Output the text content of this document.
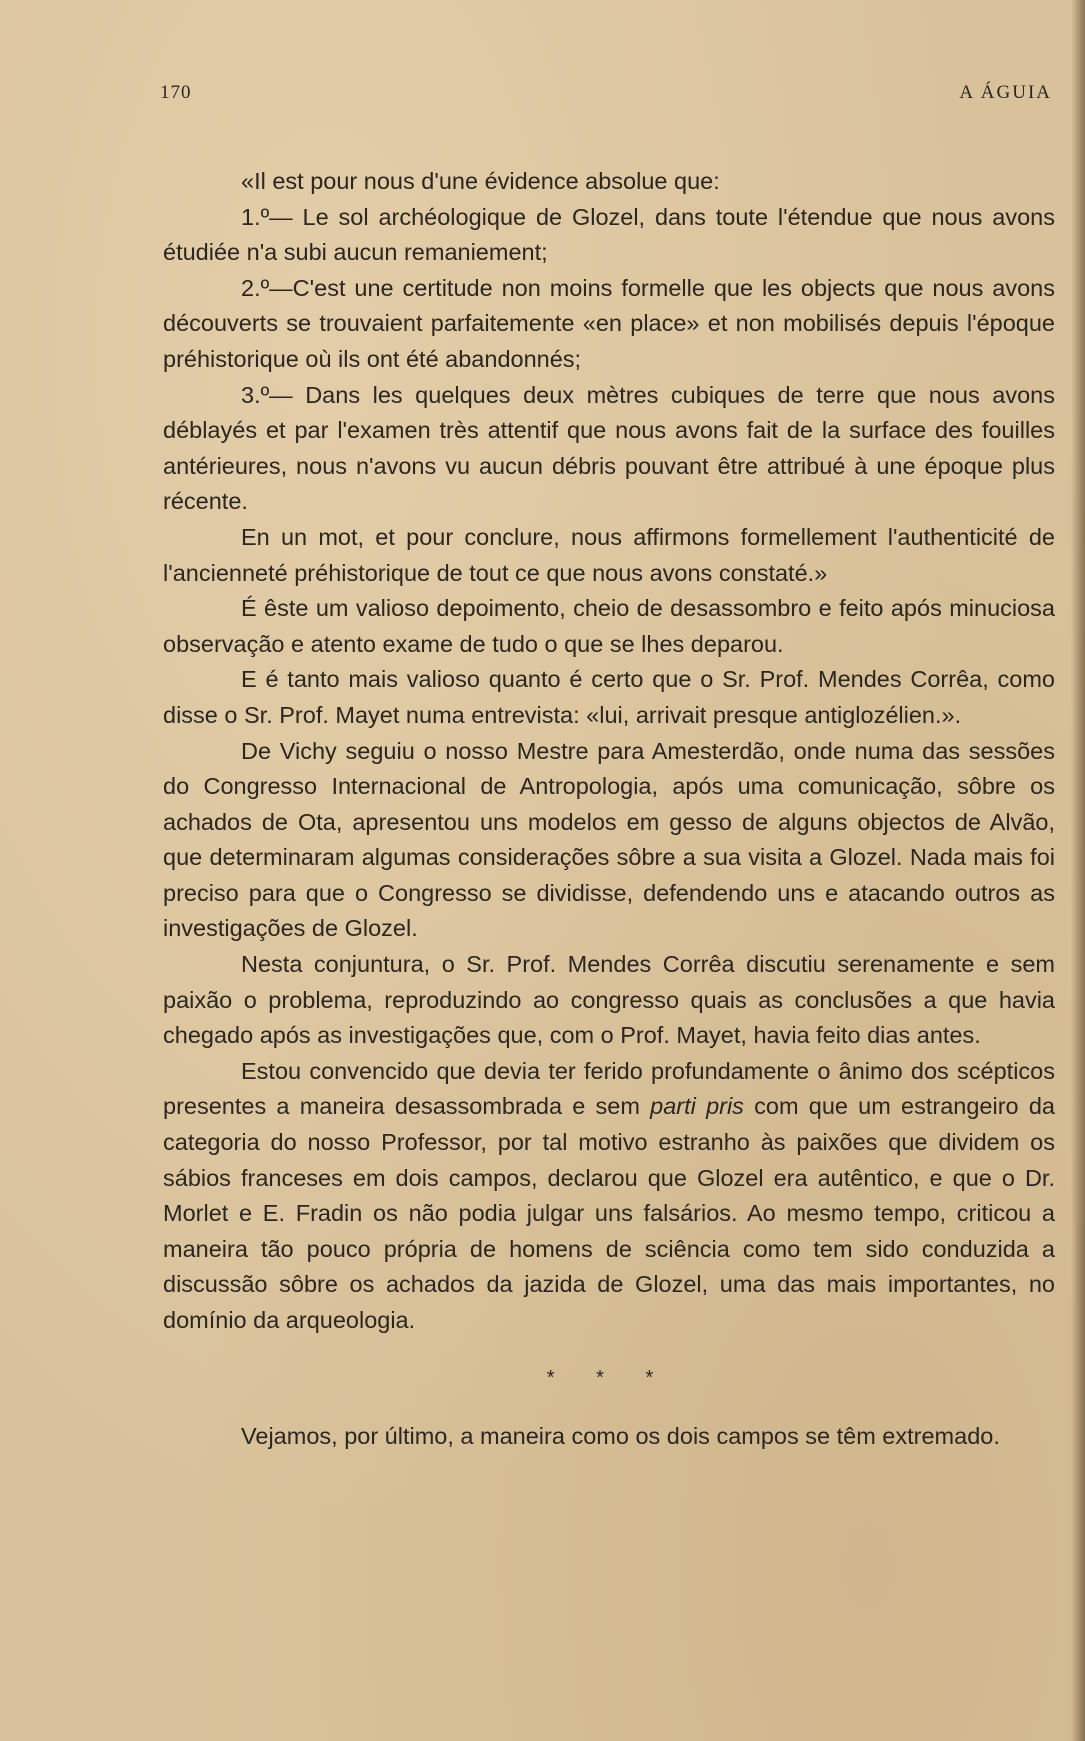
170	A ÁGUIA

«Il est pour nous d'une évidence absolue que:

1.º— Le sol archéologique de Glozel, dans toute l'étendue que nous avons étudiée n'a subi aucun remaniement;

2.º—C'est une certitude non moins formelle que les objects que nous avons découverts se trouvaient parfaitemente «en place» et non mobilisés depuis l'époque préhistorique où ils ont été abandonnés;

3.º— Dans les quelques deux mètres cubiques de terre que nous avons déblayés et par l'examen très attentif que nous avons fait de la surface des fouilles antérieures, nous n'avons vu aucun débris pouvant être attribué à une époque plus récente.

En un mot, et pour conclure, nous affirmons formellement l'authenticité de l'ancienneté préhistorique de tout ce que nous avons constaté.»

É êste um valioso depoimento, cheio de desassombro e feito após minuciosa observação e atento exame de tudo o que se lhes deparou.

E é tanto mais valioso quanto é certo que o Sr. Prof. Mendes Corrêa, como disse o Sr. Prof. Mayet numa entrevista: «lui, arrivait presque antiglozélien.».

De Vichy seguiu o nosso Mestre para Amesterdão, onde numa das sessões do Congresso Internacional de Antropologia, após uma comunicação, sôbre os achados de Ota, apresentou uns modelos em gesso de alguns objectos de Alvão, que determinaram algumas considerações sôbre a sua visita a Glozel. Nada mais foi preciso para que o Congresso se dividisse, defendendo uns e atacando outros as investigações de Glozel.

Nesta conjuntura, o Sr. Prof. Mendes Corrêa discutiu serenamente e sem paixão o problema, reproduzindo ao congresso quais as conclusões a que havia chegado após as investigações que, com o Prof. Mayet, havia feito dias antes.

Estou convencido que devia ter ferido profundamente o ânimo dos scépticos presentes a maneira desassombrada e sem parti pris com que um estrangeiro da categoria do nosso Professor, por tal motivo estranho às paixões que dividem os sábios franceses em dois campos, declarou que Glozel era autêntico, e que o Dr. Morlet e E. Fradin os não podia julgar uns falsários. Ao mesmo tempo, criticou a maneira tão pouco própria de homens de sciência como tem sido conduzida a discussão sôbre os achados da jazida de Glozel, uma das mais importantes, no domínio da arqueologia.

* * *

Vejamos, por último, a maneira como os dois campos se têm extremado.
